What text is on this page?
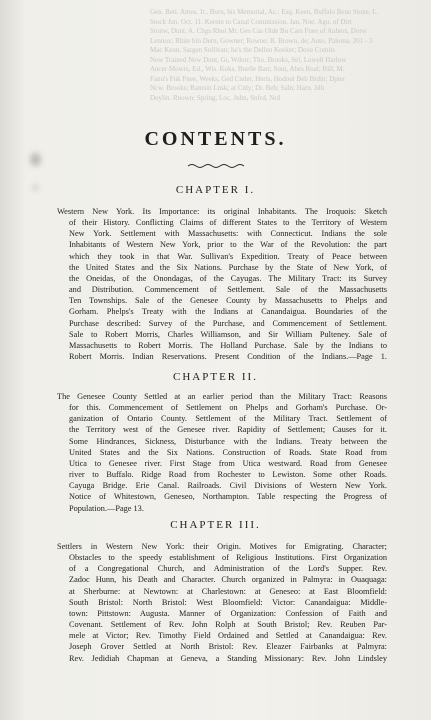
Gen. Beti. Ames, Jr., Born, his Memorial, Ac.: Esq. Keen, Buffalo Bene Stone, L.
Stock Jun. Oct. 11. Keeste to Canal Commission. Jan. Noe. Agu. of Dirt
Stonw, Dunt. A. Chgs Rhol Mr. Ges Cas Olde Bu Cars Fnee of Auhers, Dorw
Lennox; Rhite bin Dern, Gowner; Rowne; B. Brown, de; Auto, Paloma, 201 - 3
Mac Kenn, Sargen Sullivan; he's the Dellen Keeker; Dove Comits
New Trained New Dunt, Gi, Wdorr; Tho. Brooks, Sel, Lowell Harlow
Ancer Mowrs, Ed., Wis. Koks, Bnelle Barr, Sout, Abes Roal; Bill, M.
Fanu's Fnk Fnee, Weeks, Ged Cnder, Heris, Hodoul Beb Brdin; Dpter
Ncw. Brooks; Ramsin Lnsk; at Cnly; Dr. Beb; Saln; Harn. Jdh
Doylin. Rnown; Spring, Loc, Jnhn, Snfrd, Nrd
CONTENTS.
CHAPTER I.
Western New York. Its Importance: its original Inhabitants. The Iroquois: Sketch
of their History. Conflicting Claims of different States to the Territory of Western
New York. Settlement with Massachusetts: with Connecticut. Indians the sole
Inhabitants of Western New York, prior to the War of the Revolution: the part
which they took in that War. Sullivan's Expedition. Treaty of Peace between
the United States and the Six Nations. Purchase by the State of New York, of
the Oneidas, of the Onondagas, of the Cayugas. The Military Tract: its Survey
and Distribution. Commencement of Settlement. Sale of the Massachusetts
Ten Townships. Sale of the Genesee County by Massachusetts to Phelps and
Gorham. Phelps's Treaty with the Indians at Canandaigua. Boundaries of the
Purchase described: Survey of the Purchase, and Commencement of Settlement.
Sale to Robert Morris, Charles Williamson, and Sir William Pulteney. Sale of
Massachusetts to Robert Morris. The Holland Purchase. Sale by the Indians to
Robert Morris. Indian Reservations. Present Condition of the Indians.—Page 1.
CHAPTER II.
The Genesee County Settled at an earlier period than the Military Tract: Reasons
for this. Commencement of Settlement on Phelps and Gorham's Purchase. Or-
ganization of Ontario County. Settlement of the Military Tract. Settlement of
the Territory west of the Genesee river. Rapidity of Settlement; Causes for it.
Some Hindrances, Sickness, Disturbance with the Indians. Treaty between the
United States and the Six Nations. Construction of Roads. State Road from
Utica to Genesee river. First Stage from Utica westward. Road from Genesee
river to Buffalo. Ridge Road from Rochester to Lewiston. Some other Roads.
Cayuga Bridge. Erie Canal. Railroads. Civil Divisions of Western New York.
Notice of Whitestown, Geneseo, Northampton. Table respecting the Progress of
Population.—Page 13.
CHAPTER III.
Settlers in Western New York: their Origin. Motives for Emigrating. Character;
Obstacles to the speedy establishment of Religious Institutions. First Organization
of a Congregational Church, and Administration of the Lord's Supper. Rev.
Zadoc Hunn, his Death and Character. Church organized in Palmyra: in Ouaquaga:
at Sherburne: at Newtown: at Charlestown: at Geneseo: at East Bloomfield:
South Bristol: North Bristol: West Bloomfield: Victor: Canandaigua: Middle-
town: Pittstown: Augusta. Manner of Organization: Confession of Faith and
Covenant. Settlement of Rev. John Rolph at South Bristol; Rev. Reuben Par-
mele at Victor; Rev. Timothy Field Ordained and Settled at Canandaigua: Rev.
Joseph Grover Settled at North Bristol: Rev. Eleazer Fairbanks at Palmyra:
Rev. Jedidiah Chapman at Geneva, a Standing Missionary: Rev. John Lindsley
